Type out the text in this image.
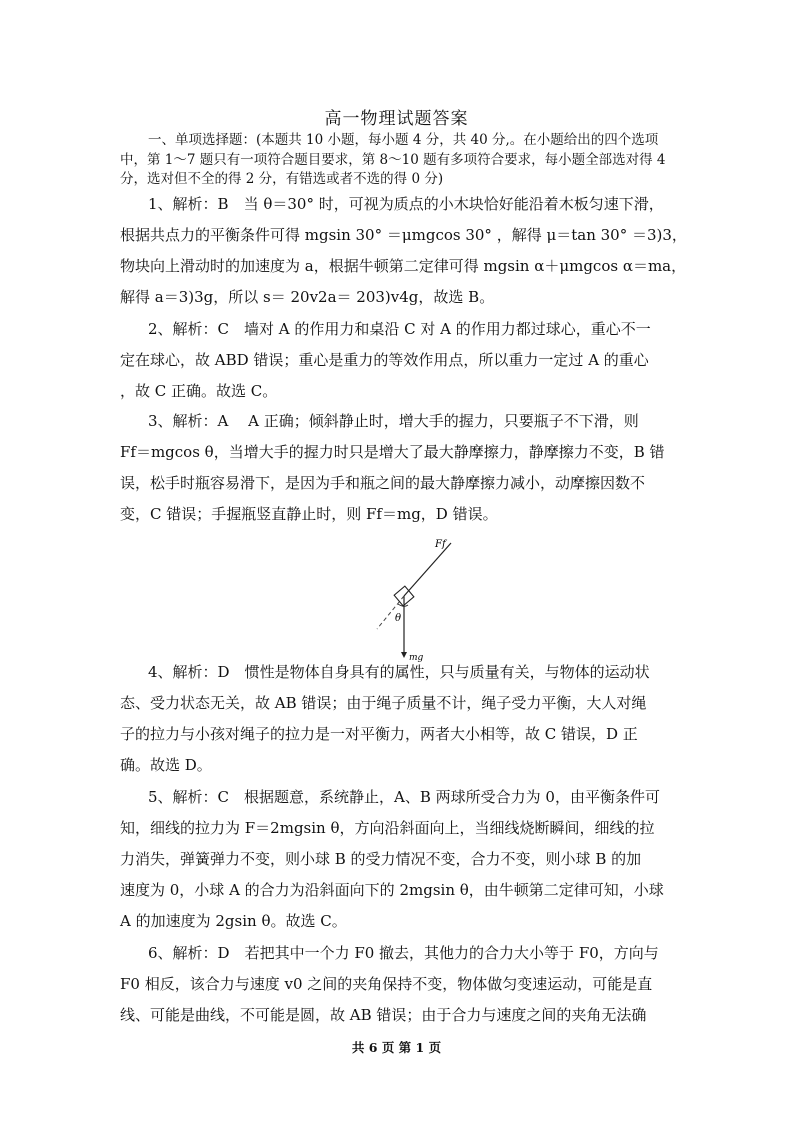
高一物理试题答案
一、单项选择题：(本题共 10 小题，每小题 4 分，共 40 分,。在小题给出的四个选项
中，第 1～7 题只有一项符合题目要求，第 8～10 题有多项符合要求，每小题全部选对得 4
分，选对但不全的得 2 分，有错选或者不选的得 0 分)
1、解析：B　当 θ＝30° 时，可视为质点的小木块恰好能沿着木板匀速下滑，
根据共点力的平衡条件可得 mgsin 30° ＝μmgcos 30° ，解得 μ＝tan 30° ＝3)3，
物块向上滑动时的加速度为 a，根据牛顿第二定律可得 mgsin α＋μmgcos α＝ma，
解得 a＝3)3g，所以 s＝ 20v2a＝ 203)v4g，故选 B。
2、解析：C　墙对 A 的作用力和桌沿 C 对 A 的作用力都过球心，重心不一
定在球心，故 ABD 错误；重心是重力的等效作用点，所以重力一定过 A 的重心
，故 C 正确。故选 C。
3、解析：A　 A 正确；倾斜静止时，增大手的握力，只要瓶子不下滑，则
Ff＝mgcos θ，当增大手的握力时只是增大了最大静摩擦力，静摩擦力不变，B 错
误，松手时瓶容易滑下，是因为手和瓶之间的最大静摩擦力减小，动摩擦因数不
变，C 错误；手握瓶竖直静止时，则 Ff＝mg，D 错误。
Ff
θ
mg
4、解析：D　惯性是物体自身具有的属性，只与质量有关，与物体的运动状
态、受力状态无关，故 AB 错误；由于绳子质量不计，绳子受力平衡，大人对绳
子的拉力与小孩对绳子的拉力是一对平衡力，两者大小相等，故 C 错误，D 正
确。故选 D。
5、解析：C　根据题意，系统静止，A、B 两球所受合力为 0，由平衡条件可
知，细线的拉力为 F＝2mgsin θ，方向沿斜面向上，当细线烧断瞬间，细线的拉
力消失，弹簧弹力不变，则小球 B 的受力情况不变，合力不变，则小球 B 的加
速度为 0，小球 A 的合力为沿斜面向下的 2mgsin θ，由牛顿第二定律可知，小球
A 的加速度为 2gsin θ。故选 C。
6、解析：D　若把其中一个力 F0 撤去，其他力的合力大小等于 F0，方向与
F0 相反，该合力与速度 v0 之间的夹角保持不变，物体做匀变速运动，可能是直
线、可能是曲线，不可能是圆，故 AB 错误；由于合力与速度之间的夹角无法确
共 6 页 第 1 页
